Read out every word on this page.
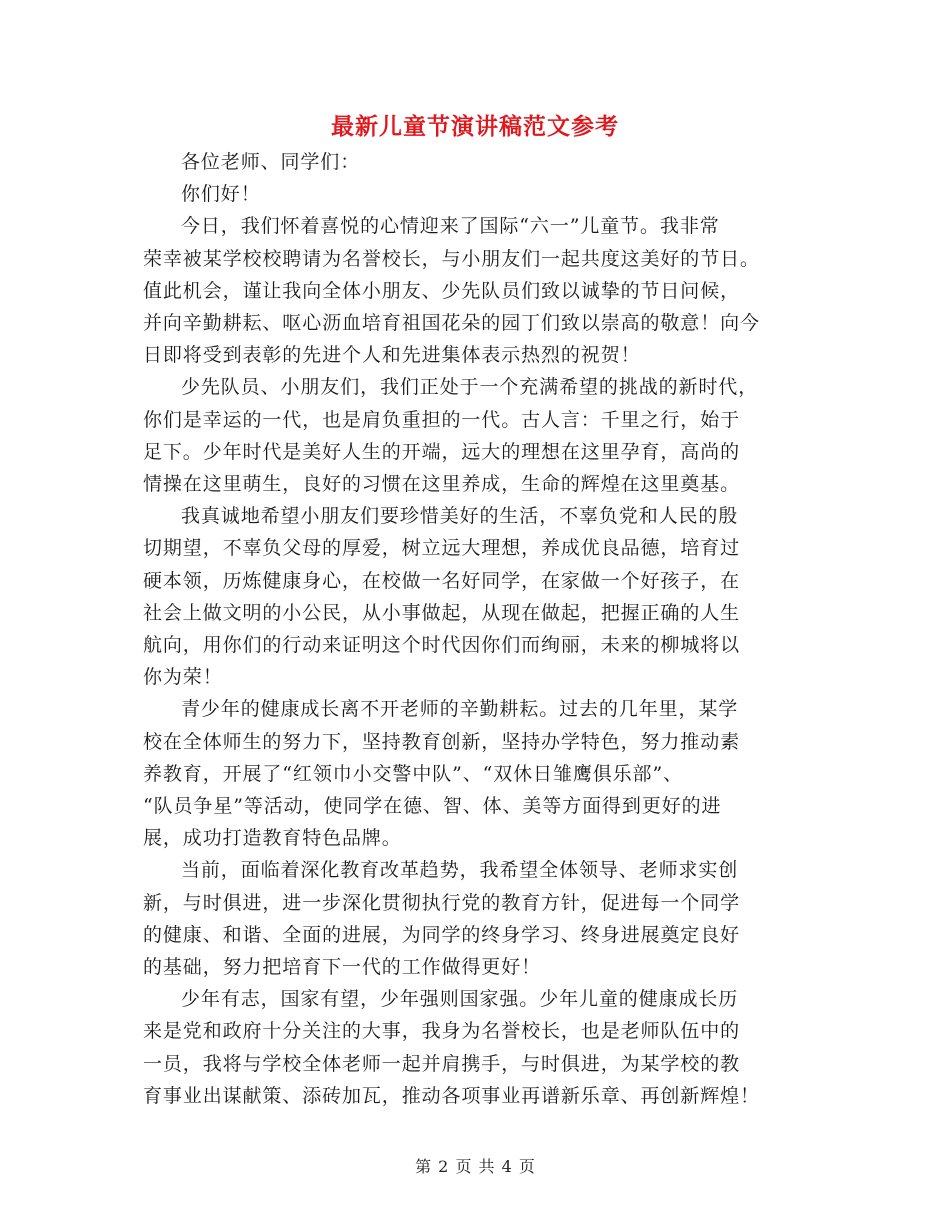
最新儿童节演讲稿范文参考

各位老师、同学们：

你们好！

今日，我们怀着喜悦的心情迎来了国际“六一”儿童节。我非常
荣幸被某学校校聘请为名誉校长，与小朋友们一起共度这美好的节日。
值此机会，谨让我向全体小朋友、少先队员们致以诚挚的节日问候，
并向辛勤耕耘、呕心沥血培育祖国花朵的园丁们致以崇高的敬意！向今
日即将受到表彰的先进个人和先进集体表示热烈的祝贺！

少先队员、小朋友们，我们正处于一个充满希望的挑战的新时代，
你们是幸运的一代，也是肩负重担的一代。古人言：千里之行，始于
足下。少年时代是美好人生的开端，远大的理想在这里孕育，高尚的
情操在这里萌生，良好的习惯在这里养成，生命的辉煌在这里奠基。

我真诚地希望小朋友们要珍惜美好的生活，不辜负党和人民的殷
切期望，不辜负父母的厚爱，树立远大理想，养成优良品德，培育过
硬本领，历炼健康身心，在校做一名好同学，在家做一个好孩子，在
社会上做文明的小公民，从小事做起，从现在做起，把握正确的人生
航向，用你们的行动来证明这个时代因你们而绚丽，未来的柳城将以
你为荣！

青少年的健康成长离不开老师的辛勤耕耘。过去的几年里，某学
校在全体师生的努力下，坚持教育创新，坚持办学特色，努力推动素
养教育，开展了“红领巾小交警中队”、“双休日雏鹰俱乐部”、
“队员争星”等活动，使同学在德、智、体、美等方面得到更好的进
展，成功打造教育特色品牌。

当前，面临着深化教育改革趋势，我希望全体领导、老师求实创
新，与时俱进，进一步深化贯彻执行党的教育方针，促进每一个同学
的健康、和谐、全面的进展，为同学的终身学习、终身进展奠定良好
的基础，努力把培育下一代的工作做得更好！

少年有志，国家有望，少年强则国家强。少年儿童的健康成长历
来是党和政府十分关注的大事，我身为名誉校长，也是老师队伍中的
一员，我将与学校全体老师一起并肩携手，与时俱进，为某学校的教
育事业出谋献策、添砖加瓦，推动各项事业再谱新乐章、再创新辉煌！

第 2 页 共 4 页
